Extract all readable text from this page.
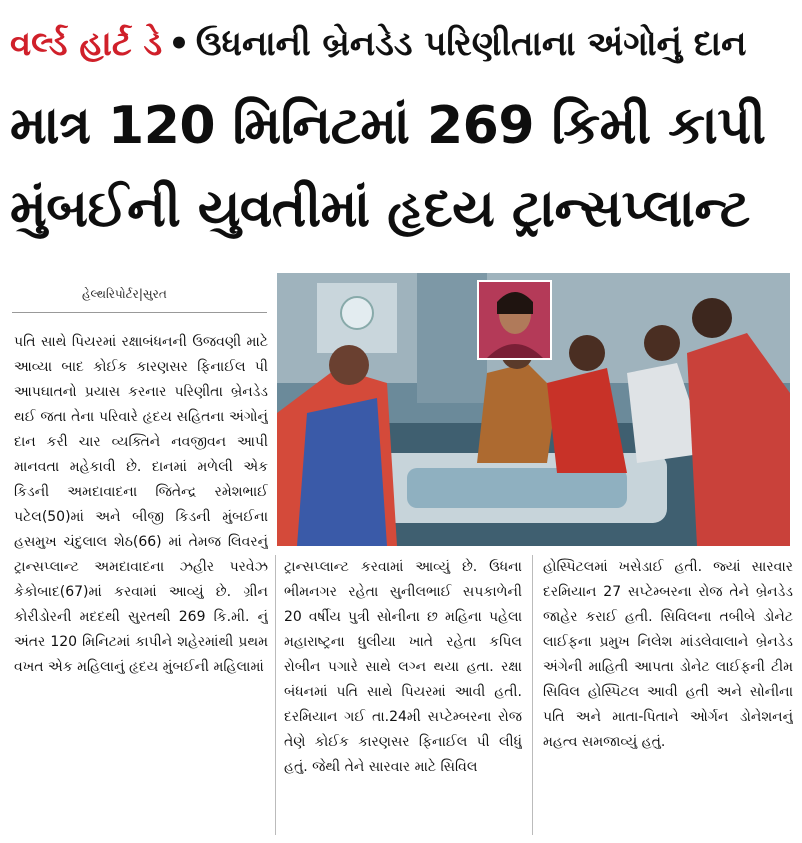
વર્લ્ડ હાર્ટ ડે • ઉધનાની બ્રેનડેડ પરિણીતાના અંગોનું દાન
માત્ર 120 મિનિટમાં 269 કિમી કાપી
મુંબઈની યુવતીમાં હૃદય ટ્રાન્સપ્લાન્ટ
હેલ્થરિપોર્ટર|સુરત
પતિ સાથે પિયરમાં રક્ષાબંધનની ઉજવણી માટે આવ્યા બાદ કોઈક કારણસર ફિનાઈલ પી આપઘાતનો પ્રયાસ કરનાર પરિણીતા બ્રેનડેડ થઈ જતા તેના પરિવારે હૃદય સહિતના અંગોનું દાન કરી ચાર વ્યક્તિને નવજીવન આપી માનવતા મહેકાવી છે. દાનમાં મળેલી એક કિડની અમદાવાદના જિતેન્દ્ર રમેશભાઈ પટેલ(50)માં અને બીજી કિડની મુંબઈના હસમુખ ચંદુલાલ શેઠ(66) માં તેમજ લિવરનું ટ્રાન્સપ્લાન્ટ અમદાવાદના ઝહીર પરવેઝ કેકોબાદ(67)માં કરવામાં આવ્યું છે. ગ્રીન કોરીડોરની મદદથી સુરતથી 269 કિ.મી. નું અંતર 120 મિનિટમાં કાપીને શહેરમાંથી પ્રથમ વખત એક મહિલાનું હૃદય મુંબઈની મહિલામાં
ટ્રાન્સપ્લાન્ટ કરવામાં આવ્યું છે. ઉધના ભીમનગર રહેતા સુનીલભાઈ સપકાળેની 20 વર્ષીય પુત્રી સોનીના છ મહિના પહેલા મહારાષ્ટ્રના ધુલીયા ખાતે રહેતા કપિલ રોબીન પગારે સાથે લગ્ન થયા હતા. રક્ષા બંધનમાં પતિ સાથે પિયરમાં આવી હતી. દરમિયાન ગઈ તા.24મી સપ્ટેમ્બરના રોજ તેણે કોઈક કારણસર ફિનાઈલ પી લીધું હતું. જેથી તેને સારવાર માટે સિવિલ
હોસ્પિટલમાં ખસેડાઈ હતી. જ્યાં સારવાર દરમિયાન 27 સપ્ટેમ્બરના રોજ તેને બ્રેનડેડ જાહેર કરાઈ હતી. સિવિલના તબીબે ડોનેટ લાઈફના પ્રમુખ નિલેશ માંડલેવાલાને બ્રેનડેડ અંગેની માહિતી આપતા ડોનેટ લાઈફની ટીમ સિવિલ હોસ્પિટલ આવી હતી અને સોનીના પતિ અને માતા-પિતાને ઓર્ગન ડોનેશનનું મહત્વ સમજાવ્યું હતું.
